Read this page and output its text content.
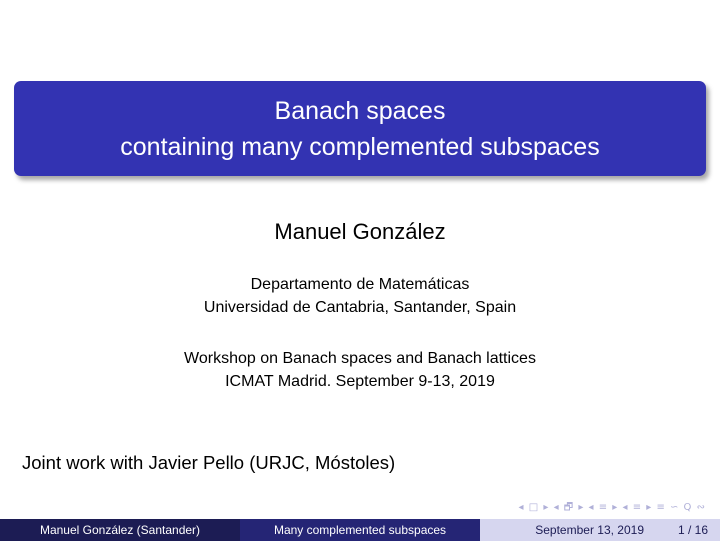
Banach spaces
containing many complemented subspaces
Manuel González
Departamento de Matemáticas
Universidad de Cantabria, Santander, Spain
Workshop on Banach spaces and Banach lattices
ICMAT Madrid. September 9-13, 2019
Joint work with Javier Pello (URJC, Móstoles)
◂ □ ▸ ◂ 🗗 ▸ ◂ ≡ ▸ ◂ ≡ ▸ ≡ ∽ Q ∾
Manuel González (Santander)	Many complemented subspaces	September 13, 2019	1 / 16
